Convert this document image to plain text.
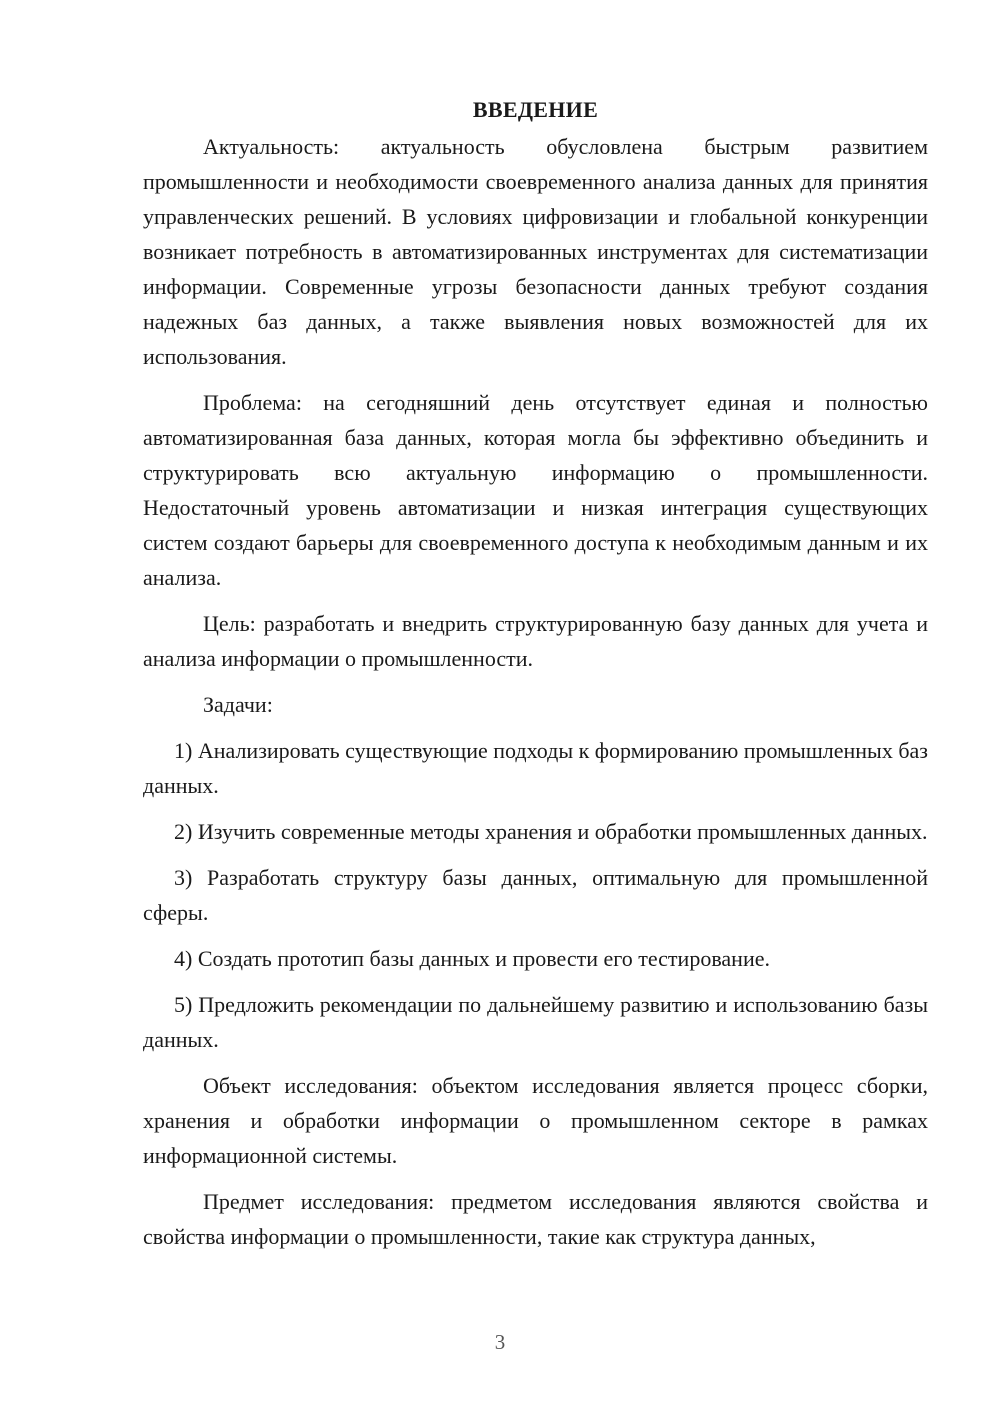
ВВЕДЕНИЕ

Актуальность: актуальность обусловлена быстрым развитием промышленности и необходимости своевременного анализа данных для принятия управленческих решений. В условиях цифровизации и глобальной конкуренции возникает потребность в автоматизированных инструментах для систематизации информации. Современные угрозы безопасности данных требуют создания надежных баз данных, а также выявления новых возможностей для их использования.

Проблема: на сегодняшний день отсутствует единая и полностью автоматизированная база данных, которая могла бы эффективно объединить и структурировать всю актуальную информацию о промышленности. Недостаточный уровень автоматизации и низкая интеграция существующих систем создают барьеры для своевременного доступа к необходимым данным и их анализа.

Цель: разработать и внедрить структурированную базу данных для учета и анализа информации о промышленности.

Задачи:

1) Анализировать существующие подходы к формированию промышленных баз данных.

2) Изучить современные методы хранения и обработки промышленных данных.

3) Разработать структуру базы данных, оптимальную для промышленной сферы.

4) Создать прототип базы данных и провести его тестирование.

5) Предложить рекомендации по дальнейшему развитию и использованию базы данных.

Объект исследования: объектом исследования является процесс сборки, хранения и обработки информации о промышленном секторе в рамках информационной системы.

Предмет исследования: предметом исследования являются свойства и свойства информации о промышленности, такие как структура данных,

3
